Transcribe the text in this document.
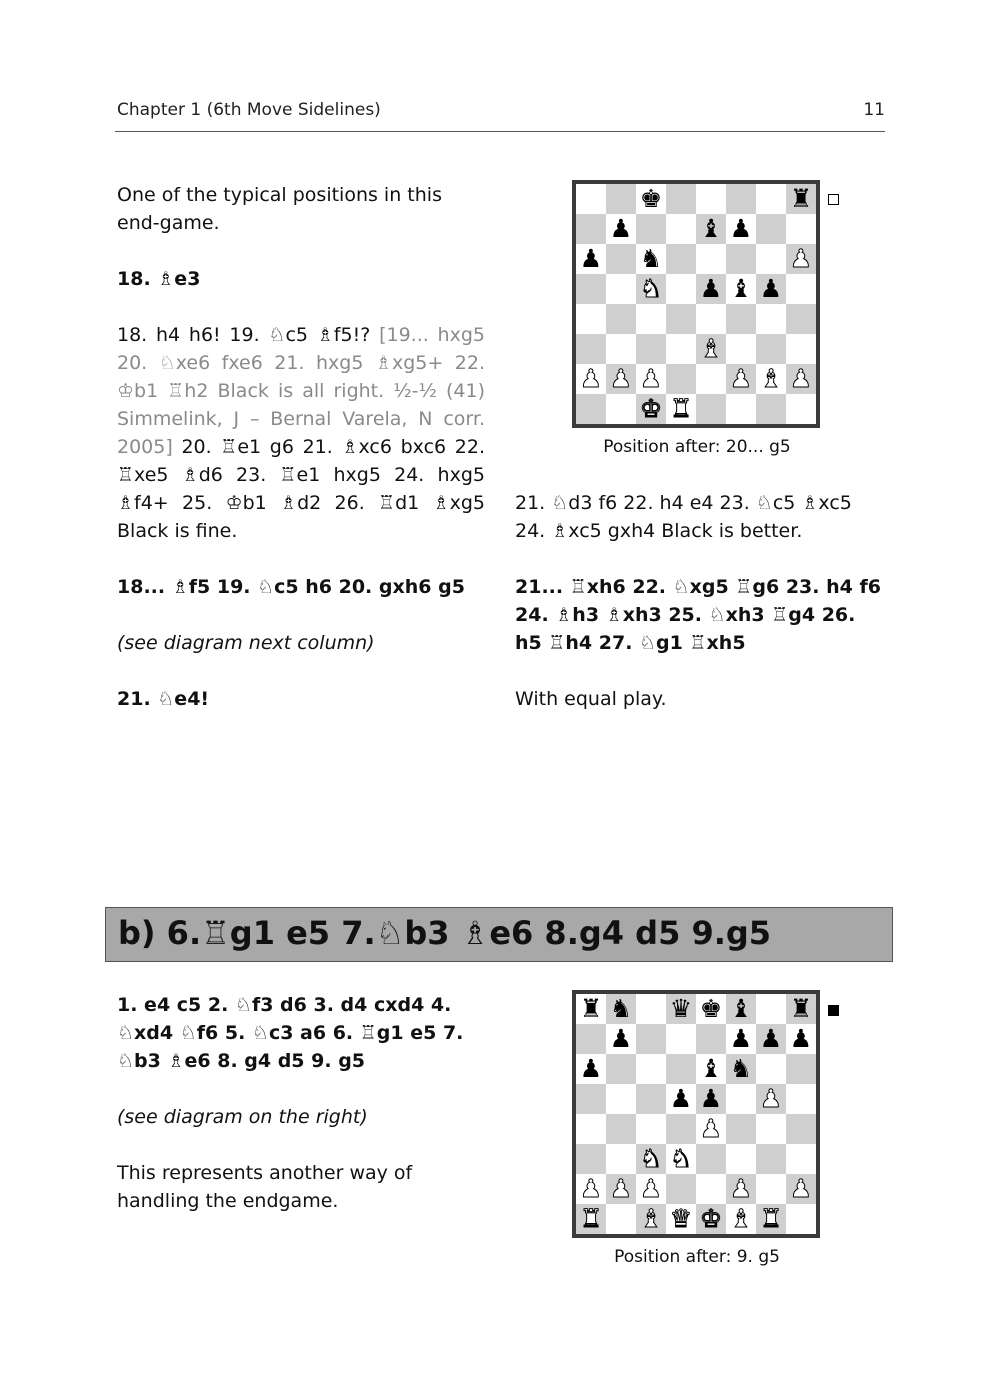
Chapter 1 (6th Move Sidelines)	11

One of the typical positions in this end-game.

18. ♗e3

18. h4 h6! 19. ♘c5 ♗f5!? [19... hxg5 20. ♘xe6 fxe6 21. hxg5 ♗xg5+ 22. ♔b1 ♖h2 Black is all right. ½-½ (41) Simmelink, J – Bernal Varela, N corr. 2005] 20. ♖e1 g6 21. ♗xc6 bxc6 22. ♖xe5 ♗d6 23. ♖e1 hxg5 24. hxg5 ♗f4+ 25. ♔b1 ♗d2 26. ♖d1 ♗xg5 Black is fine.

18... ♗f5 19. ♘c5 h6 20. gxh6 g5

(see diagram next column)

21. ♘e4!

♚	♜
♟	♝ ♟
♟ ♞	♟
♞ ♟ ♝ ♟
♝
♟ ♟ ♟	♟ ♝ ♟
♚ ♜
Position after: 20... g5

21. ♘d3 f6 22. h4 e4 23. ♘c5 ♗xc5 24. ♗xc5 gxh4 Black is better.

21... ♖xh6 22. ♘xg5 ♖g6 23. h4 f6 24. ♗h3 ♗xh3 25. ♘xh3 ♖g4 26. h5 ♖h4 27. ♘g1 ♖xh5

With equal play.

b) 6.♖g1 e5 7.♘b3 ♗e6 8.g4 d5 9.g5

1. e4 c5 2. ♘f3 d6 3. d4 cxd4 4. ♘xd4 ♘f6 5. ♘c3 a6 6. ♖g1 e5 7. ♘b3 ♗e6 8. g4 d5 9. g5

(see diagram on the right)

This represents another way of handling the endgame.

♜ ♞ ♛ ♚ ♝ ♜
♟	♟ ♟ ♟
♟	♝ ♞
♟ ♟ ♟
♟
♞ ♞
♟ ♟ ♟	♟ ♟
♜ ♝ ♛ ♚ ♝ ♜
Position after: 9. g5
